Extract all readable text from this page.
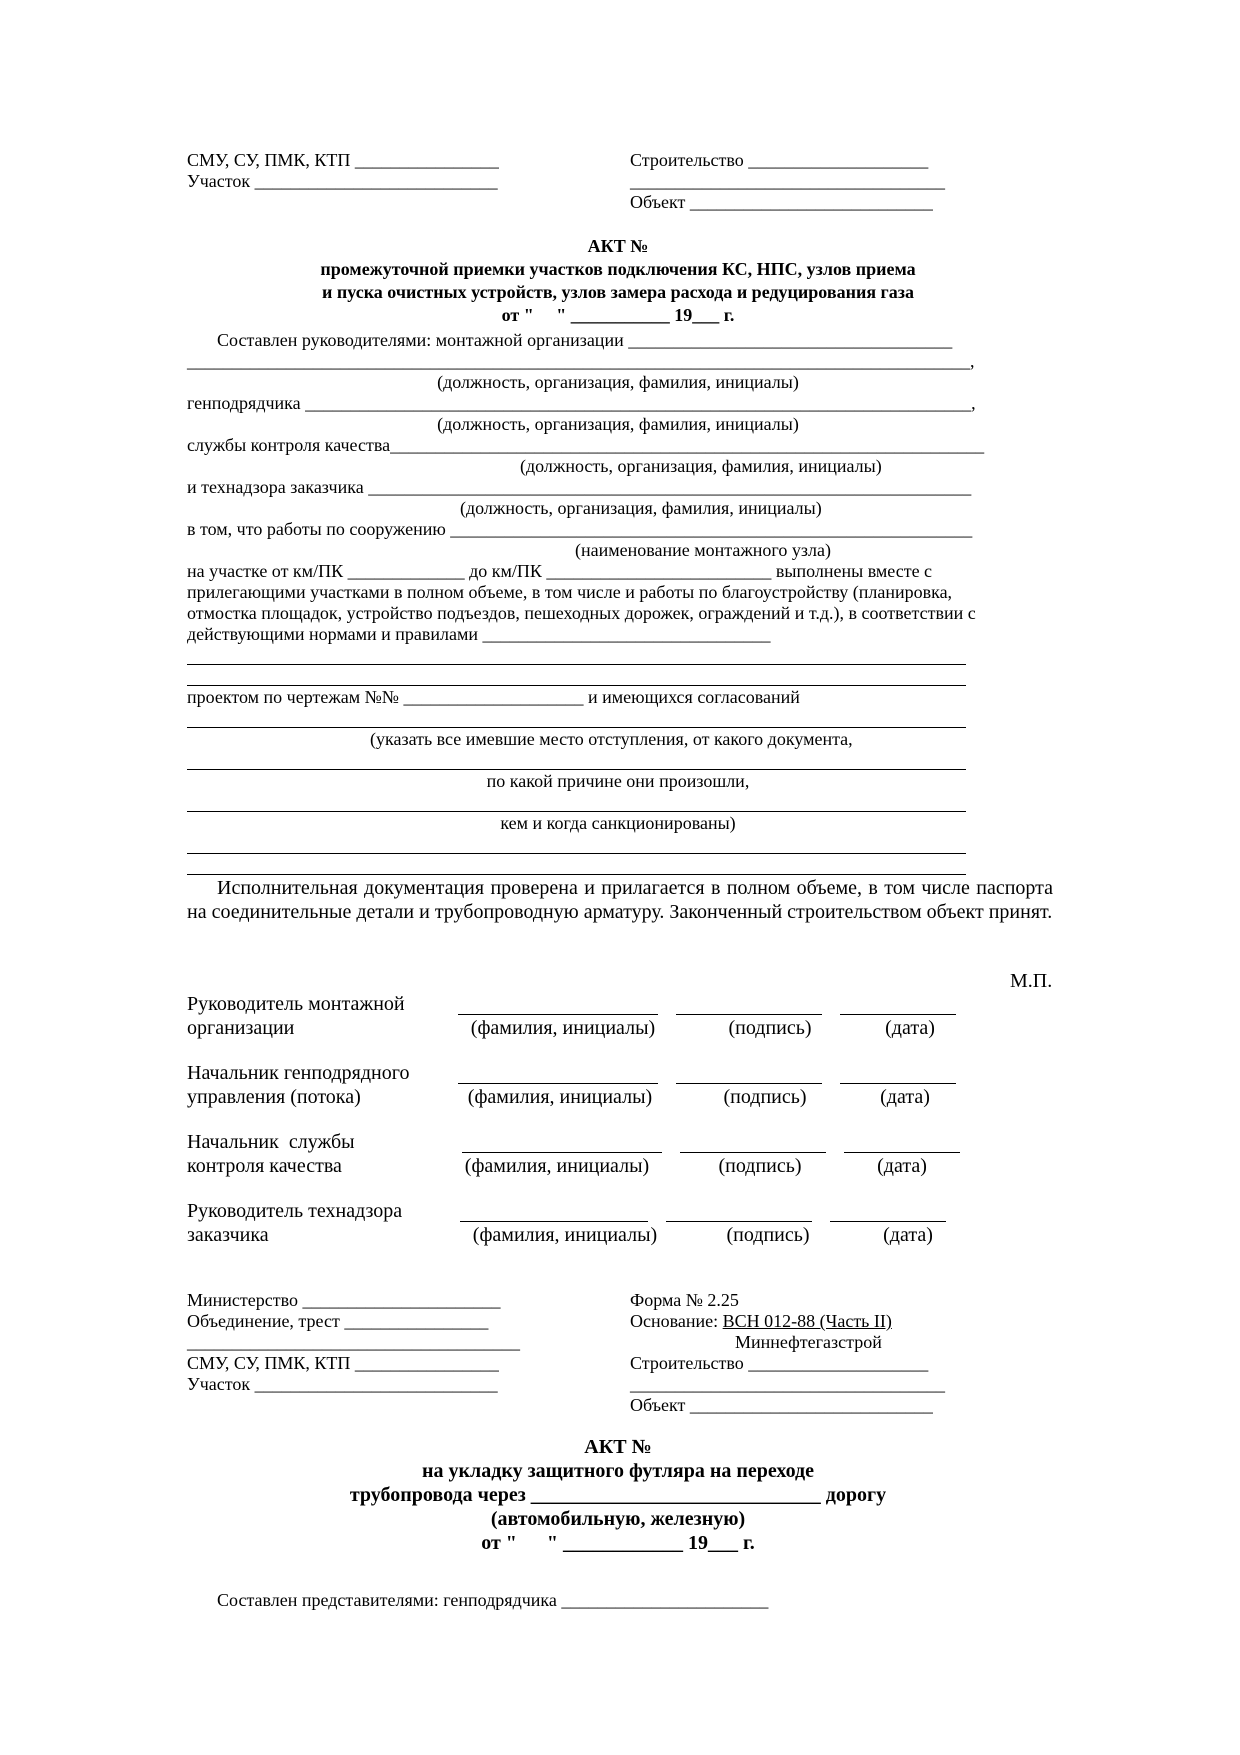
СМУ, СУ, ПМК, КТП ________________
Участок ___________________________
Строительство ____________________
___________________________________
Объект ___________________________
АКТ №
промежуточной приемки участков подключения КС, НПС, узлов приема
и пуска очистных устройств, узлов замера расхода и редуцирования газа
от "     " ___________ 19___ г.
Составлен руководителями: монтажной организации ____________________________________
_______________________________________________________________________________________,
(должность, организация, фамилия, инициалы)
генподрядчика __________________________________________________________________________,
(должность, организация, фамилия, инициалы)
службы контроля качества__________________________________________________________________
(должность, организация, фамилия, инициалы)
и технадзора заказчика ___________________________________________________________________
(должность, организация, фамилия, инициалы)
в том, что работы по сооружению __________________________________________________________
(наименование монтажного узла)
на участке от км/ПК _____________ до км/ПК _________________________ выполнены вместе с
прилегающими участками в полном объеме, в том числе и работы по благоустройству (планировка,
отмостка площадок, устройство подъездов, пешеходных дорожек, ограждений и т.д.), в соответствии с
действующими нормами и правилами ________________________________
проектом по чертежам №№ ____________________ и имеющихся согласований
(указать все имевшие место отступления, от какого документа,
по какой причине они произошли,
кем и когда санкционированы)
Исполнительная документация проверена и прилагается в полном объеме, в том числе паспорта на соединительные детали и трубопроводную арматуру. Законченный строительством объект принят.
М.П.
Руководитель монтажной
организации	(фамилия, инициалы)	(подпись)	(дата)
Начальник генподрядного
управления (потока)	(фамилия, инициалы)	(подпись)	(дата)
Начальник  службы
контроля качества	(фамилия, инициалы)	(подпись)	(дата)
Руководитель технадзора
заказчика	(фамилия, инициалы)	(подпись)	(дата)
Министерство ______________________
Объединение, трест ________________
_____________________________________
СМУ, СУ, ПМК, КТП ________________
Участок ___________________________
Форма № 2.25
Основание: ВСН 012-88 (Часть II)
Миннефтегазстрой
Строительство ____________________
___________________________________
Объект ___________________________
АКТ №
на укладку защитного футляра на переходе
трубопровода через _____________________________ дорогу
(автомобильную, железную)
от "      " ____________ 19___ г.
Составлен представителями: генподрядчика _______________________
